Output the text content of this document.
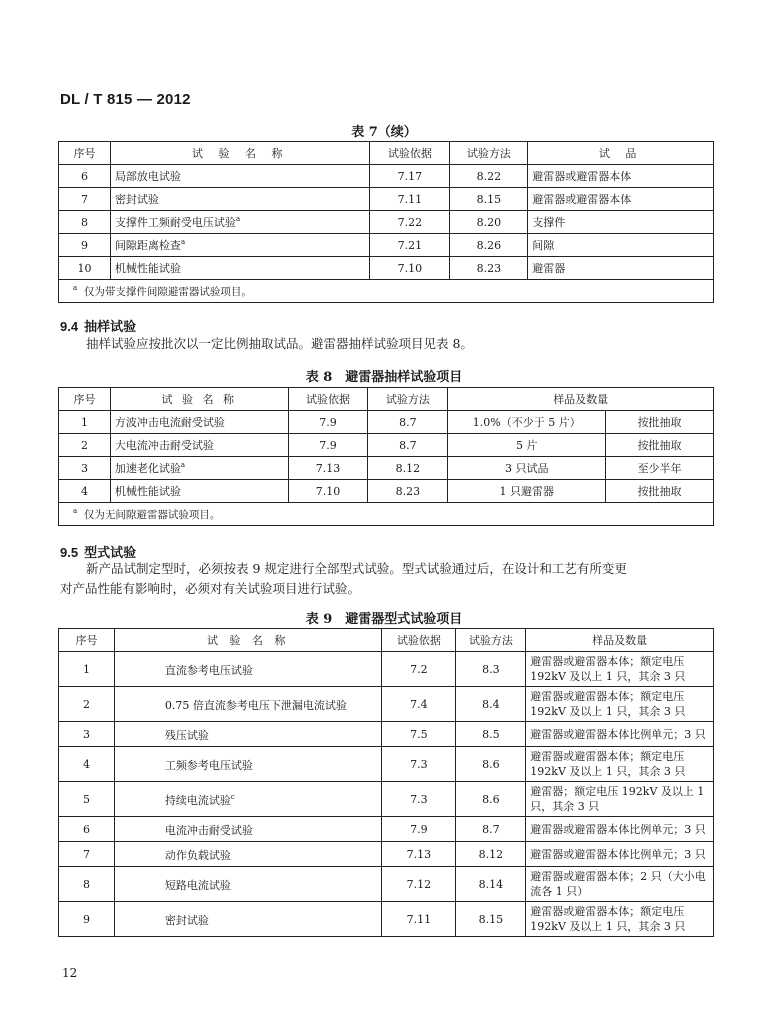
DL / T 815 — 2012
表 7（续）
序号	试 验 名 称	试验依据	试验方法	试 品
6	局部放电试验	7.17	8.22	避雷器或避雷器本体
7	密封试验	7.11	8.15	避雷器或避雷器本体
8	支撑件工频耐受电压试验$^a$	7.22	8.20	支撑件
9	间隙距离检查$^a$	7.21	8.26	间隙
10	机械性能试验	7.10	8.23	避雷器
$^a$ 仅为带支撑件间隙避雷器试验项目。				
9.4 抽样试验
抽样试验应按批次以一定比例抽取试品。避雷器抽样试验项目见表 8。
表 8　避雷器抽样试验项目
序号	试 验 名 称	试验依据	试验方法	样品及数量	
1	方波冲击电流耐受试验	7.9	8.7	1.0%（不少于 5 片）	按批抽取
2	大电流冲击耐受试验	7.9	8.7	5 片	按批抽取
3	加速老化试验$^a$	7.13	8.12	3 只试品	至少半年
4	机械性能试验	7.10	8.23	1 只避雷器	按批抽取
$^a$ 仅为无间隙避雷器试验项目。					
9.5 型式试验
新产品试制定型时，必须按表 9 规定进行全部型式试验。型式试验通过后，在设计和工艺有所变更
对产品性能有影响时，必须对有关试验项目进行试验。
表 9　避雷器型式试验项目
序号	试 验 名 称	试验依据	试验方法	样品及数量
1	直流参考电压试验	7.2	8.3	避雷器或避雷器本体；额定电压 192kV 及以上 1 只，其余 3 只
2	0.75 倍直流参考电压下泄漏电流试验	7.4	8.4	避雷器或避雷器本体；额定电压 192kV 及以上 1 只，其余 3 只
3	残压试验	7.5	8.5	避雷器或避雷器本体比例单元；3 只
4	工频参考电压试验	7.3	8.6	避雷器或避雷器本体；额定电压 192kV 及以上 1 只，其余 3 只
5	持续电流试验$^c$	7.3	8.6	避雷器；额定电压 192kV 及以上 1 只，其余 3 只
6	电流冲击耐受试验	7.9	8.7	避雷器或避雷器本体比例单元；3 只
7	动作负载试验	7.13	8.12	避雷器或避雷器本体比例单元；3 只
8	短路电流试验	7.12	8.14	避雷器或避雷器本体；2 只（大小电流各 1 只）
9	密封试验	7.11	8.15	避雷器或避雷器本体；额定电压 192kV 及以上 1 只，其余 3 只
12
